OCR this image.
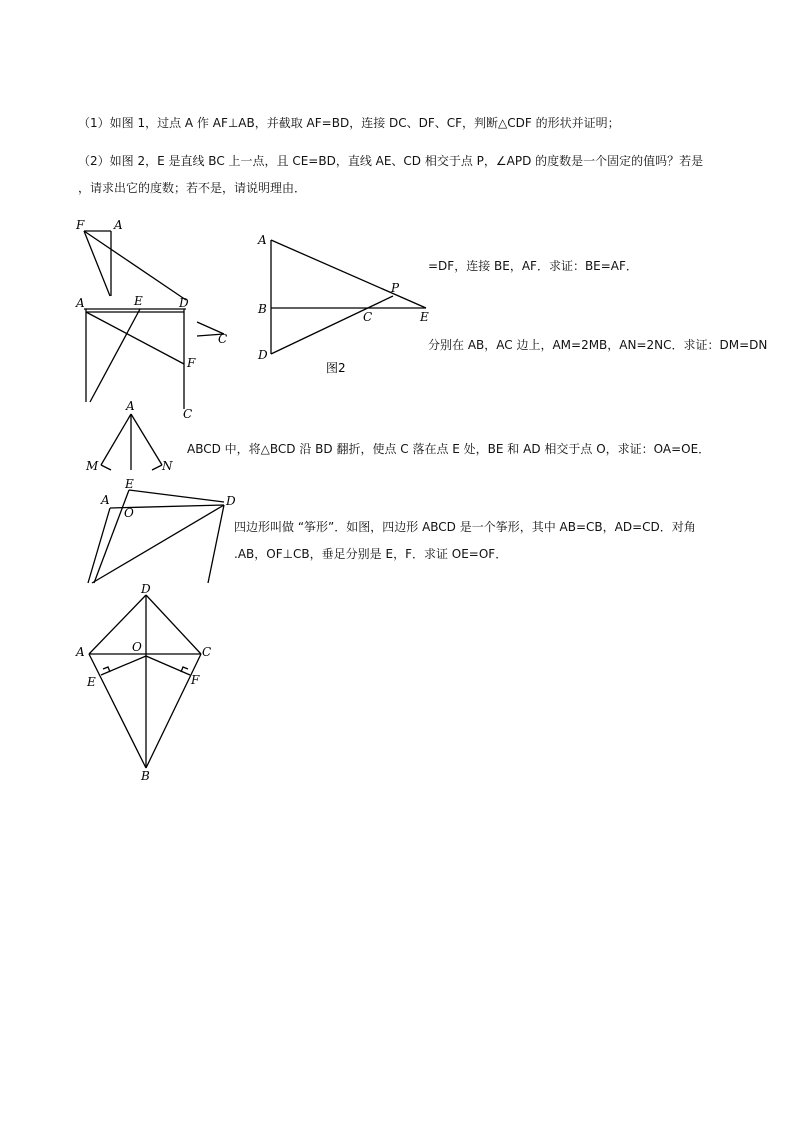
（1）如图 1，过点 A 作 AF⊥AB，并截取 AF=BD，连接 DC、DF、CF，判断△CDF 的形状并证明；
（2）如图 2，E 是直线 BC 上一点，且 CE=BD，直线 AE、CD 相交于点 P，∠APD 的度数是一个固定的值吗？若是
，请求出它的度数；若不是，请说明理由．
=DF，连接 BE，AF．求证：BE=AF．
分别在 AB，AC 边上，AM=2MB，AN=2NC．求证：DM=DN
ABCD 中，将△BCD 沿 BD 翻折，使点 C 落在点 E 处，BE 和 AD 相交于点 O，求证：OA=OE．
四边形叫做 “筝形”．如图，四边形 ABCD 是一个筝形，其中 AB=CB，AD=CD．对角
.AB，OF⊥CB，垂足分别是 E，F．求证 OE=OF．
F A
A	E	D
C
F
C
A
B
D
P
C	E
图2
A
M	N
A
E
O
D
D
A	O	C
E	F
B
